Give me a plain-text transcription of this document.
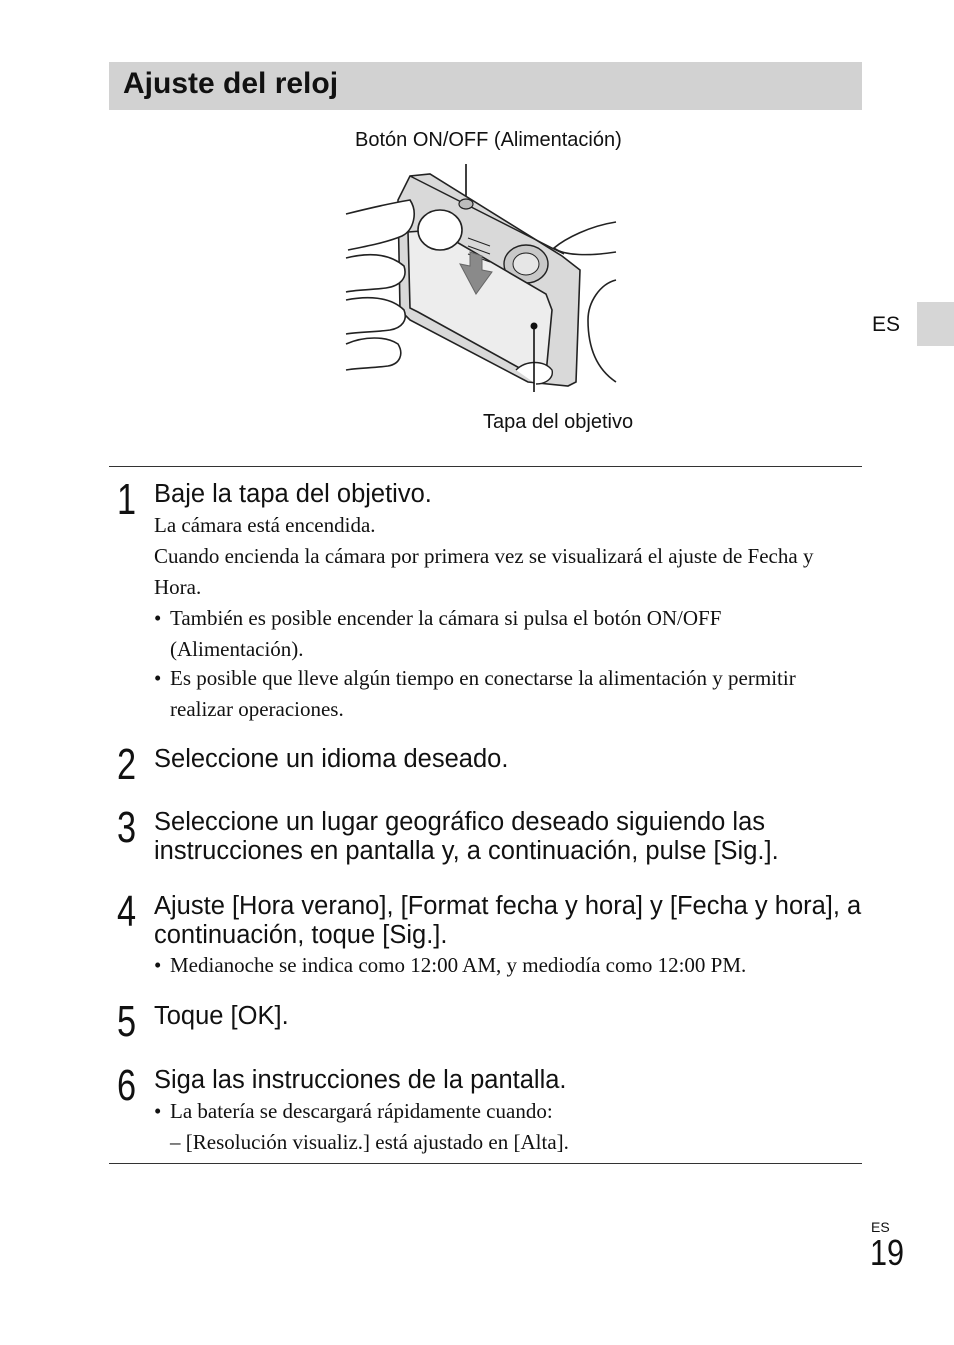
Ajuste del reloj
Botón ON/OFF (Alimentación)
Tapa del objetivo
ES
1 Baje la tapa del objetivo.
La cámara está encendida.
Cuando encienda la cámara por primera vez se visualizará el ajuste de Fecha y Hora.
• También es posible encender la cámara si pulsa el botón ON/OFF (Alimentación).
• Es posible que lleve algún tiempo en conectarse la alimentación y permitir realizar operaciones.
2 Seleccione un idioma deseado.
3 Seleccione un lugar geográfico deseado siguiendo las instrucciones en pantalla y, a continuación, pulse [Sig.].
4 Ajuste [Hora verano], [Format fecha y hora] y [Fecha y hora], a continuación, toque [Sig.].
• Medianoche se indica como 12:00 AM, y mediodía como 12:00 PM.
5 Toque [OK].
6 Siga las instrucciones de la pantalla.
• La batería se descargará rápidamente cuando:
– [Resolución visualiz.] está ajustado en [Alta].
ES
19
